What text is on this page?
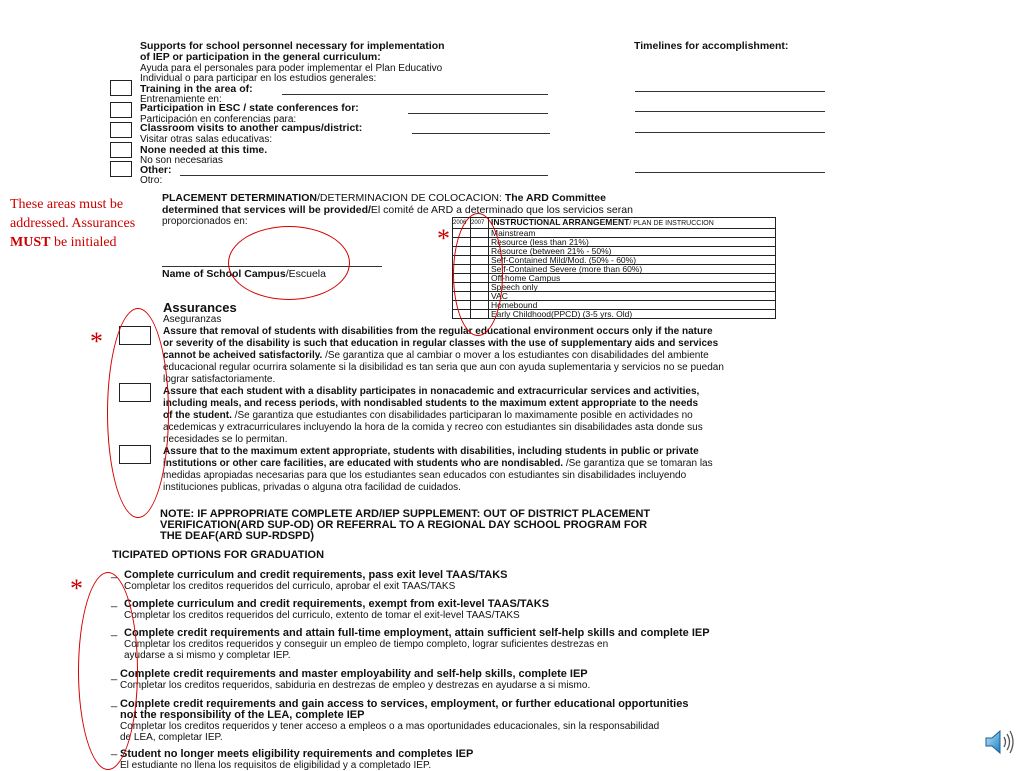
Supports for school personnel necessary for implementation
of IEP or participation in the general curriculum:
Ayuda para el personales para poder implementar el Plan Educativo
Individual o para participar en los estudios generales:
Timelines for accomplishment:
Training in the area of:
Entrenamiente en:
Participation in ESC / state conferences for:
Participación en conferencias para:
Classroom visits to another campus/district:
Visitar otras salas educativas:
None needed at this time.
No son necesarias
Other:
Otro:
PLACEMENT DETERMINATION/DETERMINACION DE COLOCACION: The ARD Committee
determined that services will be provided/El comité de ARD a determinado que los servicios seran
proporcionados en:
Name of School Campus/Escuela
2006	2007	INSTRUCTIONAL ARRANGEMENT/ PLAN DE INSTRUCCION
		Mainstream
		Resource (less than 21%)
		Resource (between 21% - 50%)
		Self-Contained Mild/Mod. (50% - 60%)
		Self-Contained Severe (more than 60%)
		Off-home Campus
		Speech only
		VAC
		Homebound
		Early Childhood(PPCD) (3-5 yrs. Old)
Assurances
Aseguranzas
Assure that removal of students with disabilities from the regular educational environment occurs only if the nature
or severity of the disability is such that education in regular classes with the use of supplementary aids and services
cannot be acheived satisfactorily. /Se garantiza que al cambiar o mover a los estudiantes con disabilidades del ambiente
educacional regular ocurrira solamente si la disibilidad es tan seria que aun con ayuda suplementaria y servicios no se puedan
lograr satisfactoriamente.
Assure that each student with a disablity participates in nonacademic and extracurricular services and activities,
including meals, and recess periods, with nondisabled students to the maximum extent appropriate to the needs
of the student. /Se garantiza que estudiantes con disabilidades participaran lo maximamente posible en actividades no
acedemicas y extracurriculares incluyendo la hora de la comida y recreo con estudiantes sin disabilidades asta donde sus
necesidades se lo permitan.
Assure that to the maximum extent appropriate, students with disabilities, including students in public or private
institutions or other care facilities, are educated with students who are nondisabled. /Se garantiza que se tomaran las
medidas apropiadas necesarias para que los estudiantes sean educados con estudiantes sin disabilidades incluyendo
instituciones publicas, privadas o alguna otra facilidad de cuidados.
NOTE: IF APPROPRIATE COMPLETE ARD/IEP SUPPLEMENT: OUT OF DISTRICT PLACEMENT
VERIFICATION(ARD SUP-OD) OR REFERRAL TO A REGIONAL DAY SCHOOL PROGRAM FOR
THE DEAF(ARD SUP-RDSPD)
TICIPATED OPTIONS FOR GRADUATION
_ Complete curriculum and credit requirements, pass exit level TAAS/TAKS
Completar los creditos requeridos del curriculo, aprobar el exit TAAS/TAKS
_ Complete curriculum and credit requirements, exempt from exit-level TAAS/TAKS
Completar los creditos requeridos del curriculo, extento de tomar el exit-level TAAS/TAKS
_ Complete credit requirements and attain full-time employment, attain sufficient self-help skills and complete IEP
Completar los creditos requeridos y conseguir un empleo de tiempo completo, lograr suficientes destrezas en
ayudarse a si mismo y completar IEP.
_ Complete credit requirements and master employability and self-help skills, complete IEP
Completar los creditos requeridos, sabiduria en destrezas de empleo y destrezas en ayudarse a si mismo.
_ Complete credit requirements and gain access to services, employment, or further educational opportunities
not the responsibility of the LEA, complete IEP
Completar los creditos requeridos y tener acceso a empleos o a mas oportunidades educacionales, sin la responsabilidad
de LEA, completar IEP.
_ Student no longer meets eligibility requirements and completes IEP
El estudiante no llena los requisitos de eligibilidad y a completado IEP.
These areas must be addressed. Assurances MUST be initialed	*
*
*
